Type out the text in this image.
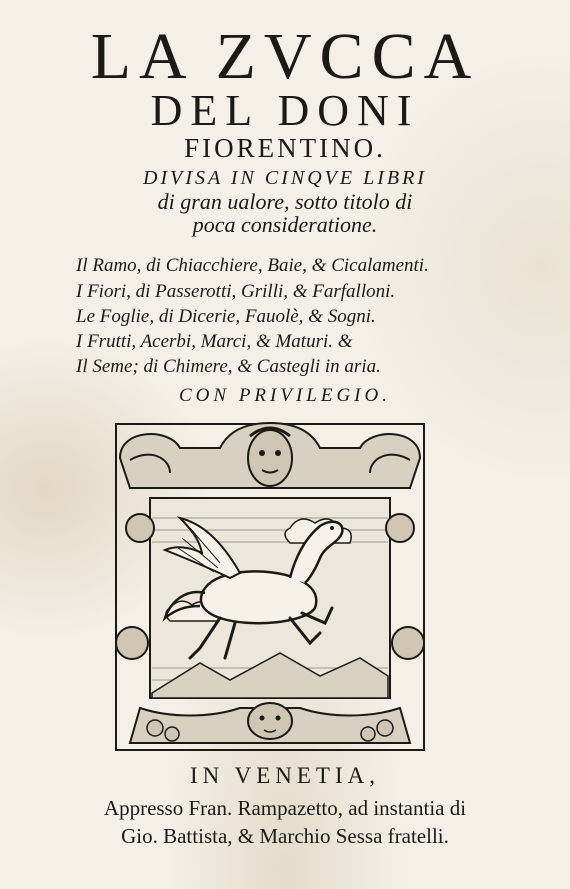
LA ZVCCA
DEL DONI
FIORENTINO.
DIVISA IN CINQVE LIBRI
di gran ualore, sotto titolo di
poca consideratione.
Il Ramo, di Chiacchiere, Baie, & Cicalamenti.
I Fiori, di Passerotti, Grilli, & Farfalloni.
Le Foglie, di Dicerie, Fauolè, & Sogni.
I Frutti, Acerbi, Marci, & Maturi. &
Il Seme; di Chimere, & Castegli in aria.
CON PRIVILEGIO.
IN VENETIA,
Appresso Fran. Rampazetto, ad instantia di
Gio. Battista, & Marchio Sessa fratelli.
